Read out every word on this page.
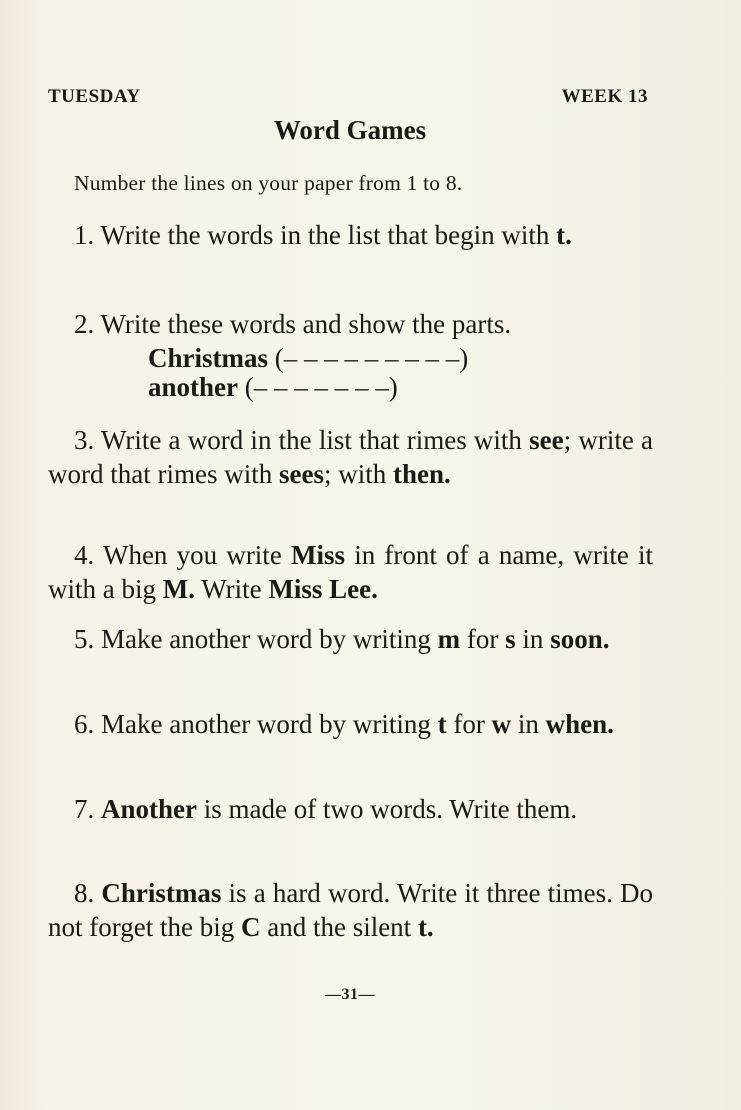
TUESDAY	WEEK 13
Word Games
Number the lines on your paper from 1 to 8.
1. Write the words in the list that begin with t.
2. Write these words and show the parts.
Christmas (– – – – – – – – –)
another (– – – – – – –)
3. Write a word in the list that rimes with see; write a word that rimes with sees; with then.
4. When you write Miss in front of a name, write it with a big M. Write Miss Lee.
5. Make another word by writing m for s in soon.
6. Make another word by writing t for w in when.
7. Another is made of two words. Write them.
8. Christmas is a hard word. Write it three times. Do not forget the big C and the silent t.
—31—
